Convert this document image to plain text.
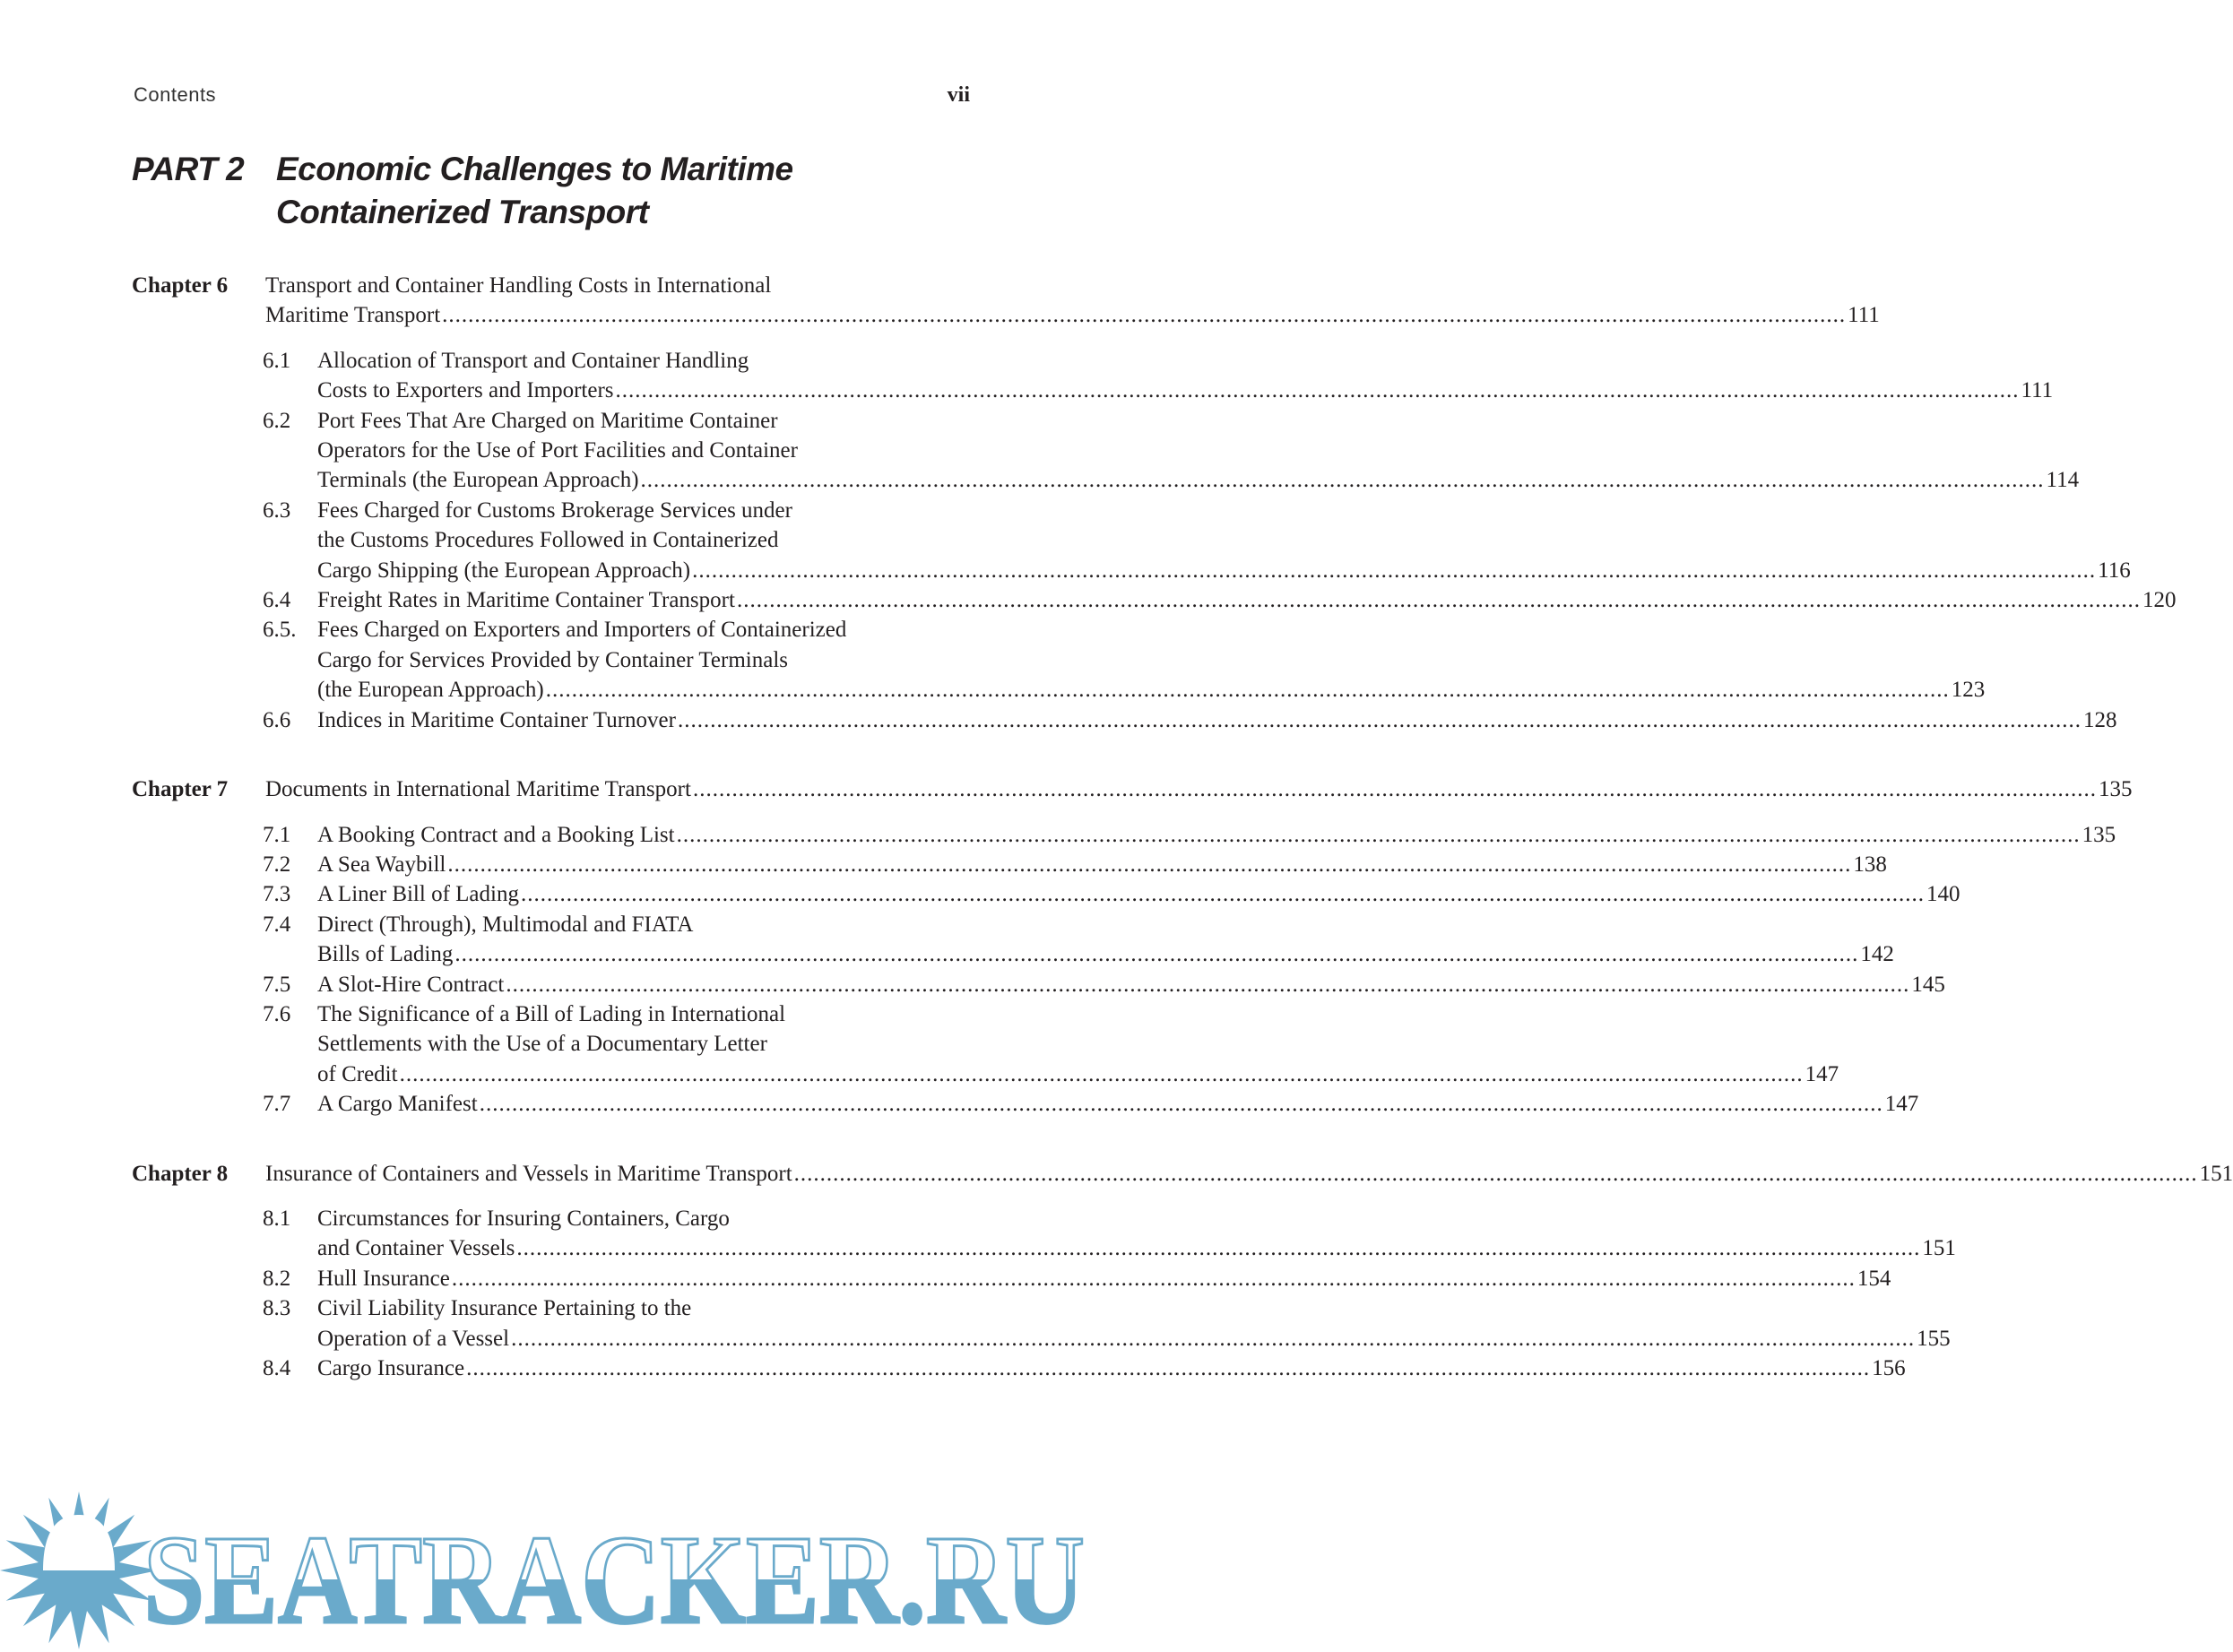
Contents	vii
PART 2 Economic Challenges to Maritime
Containerized Transport
Chapter 6 Transport and Container Handling Costs in International
Maritime Transport .....	111
6.1 Allocation of Transport and Container Handling
Costs to Exporters and Importers .....	111
6.2 Port Fees That Are Charged on Maritime Container
Operators for the Use of Port Facilities and Container
Terminals (the European Approach) .....	114
6.3 Fees Charged for Customs Brokerage Services under
the Customs Procedures Followed in Containerized
Cargo Shipping (the European Approach) .....	116
6.4 Freight Rates in Maritime Container Transport .....	120
6.5. Fees Charged on Exporters and Importers of Containerized
Cargo for Services Provided by Container Terminals
(the European Approach) .....	123
6.6 Indices in Maritime Container Turnover .....	128
Chapter 7 Documents in International Maritime Transport .....	135
7.1 A Booking Contract and a Booking List .....	135
7.2 A Sea Waybill .....	138
7.3 A Liner Bill of Lading .....	140
7.4 Direct (Through), Multimodal and FIATA
Bills of Lading .....	142
7.5 A Slot-Hire Contract .....	145
7.6 The Significance of a Bill of Lading in International
Settlements with the Use of a Documentary Letter
of Credit .....	147
7.7 A Cargo Manifest .....	147
Chapter 8 Insurance of Containers and Vessels in Maritime Transport .....	151
8.1 Circumstances for Insuring Containers, Cargo
and Container Vessels .....	151
8.2 Hull Insurance .....	154
8.3 Civil Liability Insurance Pertaining to the
Operation of a Vessel .....	155
8.4 Cargo Insurance .....	156
SEATRACKER.RU
